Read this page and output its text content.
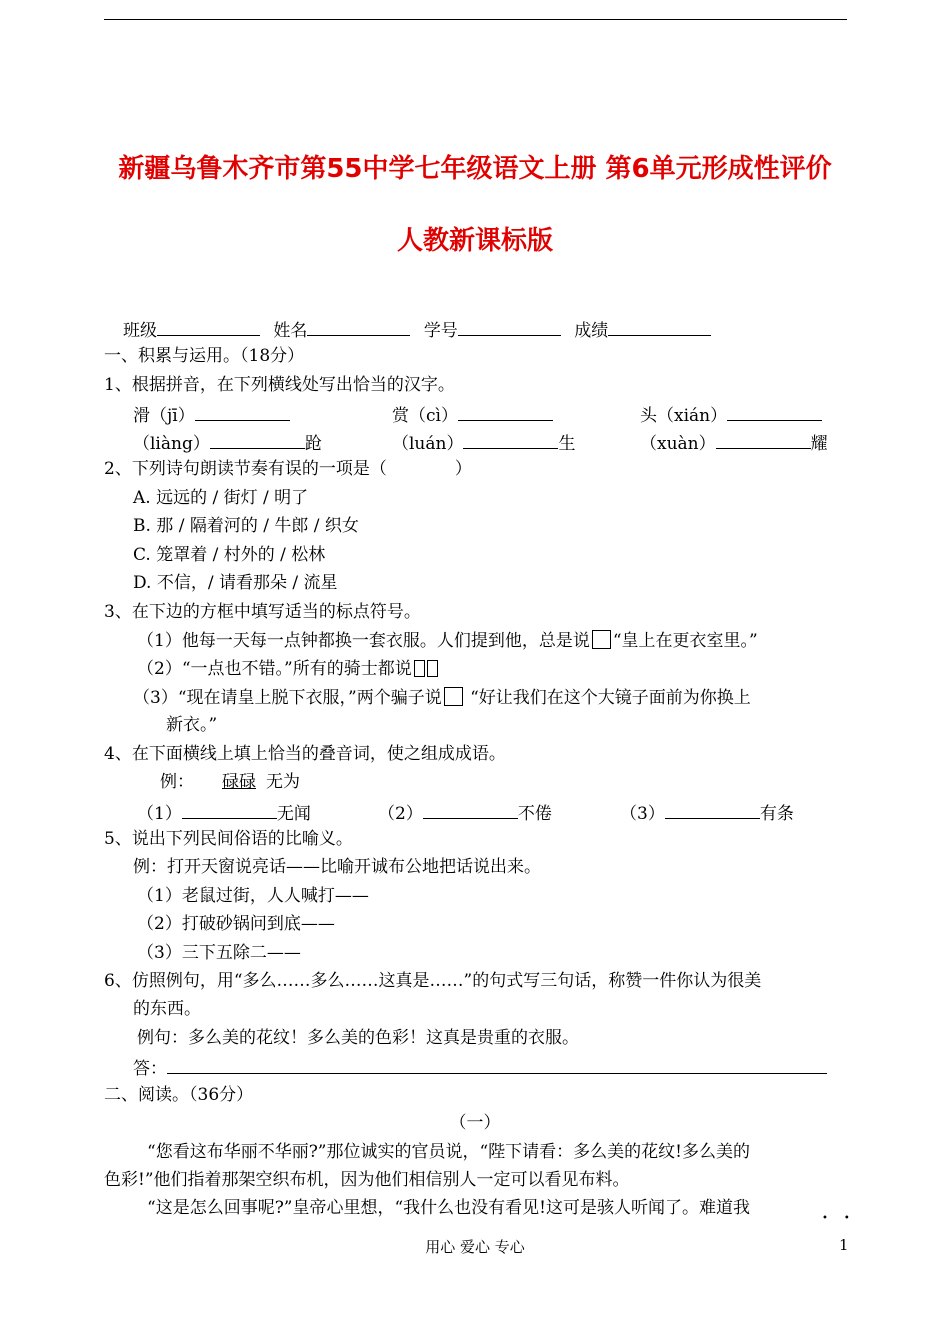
新疆乌鲁木齐市第55中学七年级语文上册 第6单元形成性评价
人教新课标版
班级	姓名	学号	成绩
一、积累与运用。（18分）
1、根据拼音，在下列横线处写出恰当的汉字。
滑（jī）	赏（cì）	头（xián）
（liàng）	跄	（luán）	生	（xuàn）	耀
2、下列诗句朗读节奏有误的一项是（　　　　）
A. 远远的 / 街灯 / 明了
B. 那 / 隔着河的 / 牛郎 / 织女
C. 笼罩着 / 村外的 / 松林
D. 不信，/ 请看那朵 / 流星
3、在下边的方框中填写适当的标点符号。
（1）他每一天每一点钟都换一套衣服。人们提到他，总是说 “皇上在更衣室里。”
（2）“一点也不错。”所有的骑士都说
（3）“现在请皇上脱下衣服，”两个骗子说 “好让我们在这个大镜子面前为你换上
新衣。”
4、在下面横线上填上恰当的叠音词，使之组成成语。
例： 碌碌 无为
（1）	无闻	（2）	不倦	（3）	有条
5、说出下列民间俗语的比喻义。
例：打开天窗说亮话——比喻开诚布公地把话说出来。
（1）老鼠过街，人人喊打——
（2）打破砂锅问到底——
（3）三下五除二——
6、仿照例句，用“多么……多么……这真是……”的句式写三句话，称赞一件你认为很美
的东西。
例句：多么美的花纹！多么美的色彩！这真是贵重的衣服。
答：
二、阅读。（36分）
（一）
“您看这布华丽不华丽?”那位诚实的官员说，“陛下请看：多么美的花纹!多么美的
色彩!”他们指着那架空织布机，因为他们相信别人一定可以看见布料。
“这是怎么回事呢?”皇帝心里想，“我什么也没有看见!这可是骇人听闻了。难道我
••
用心 爱心 专心	1
